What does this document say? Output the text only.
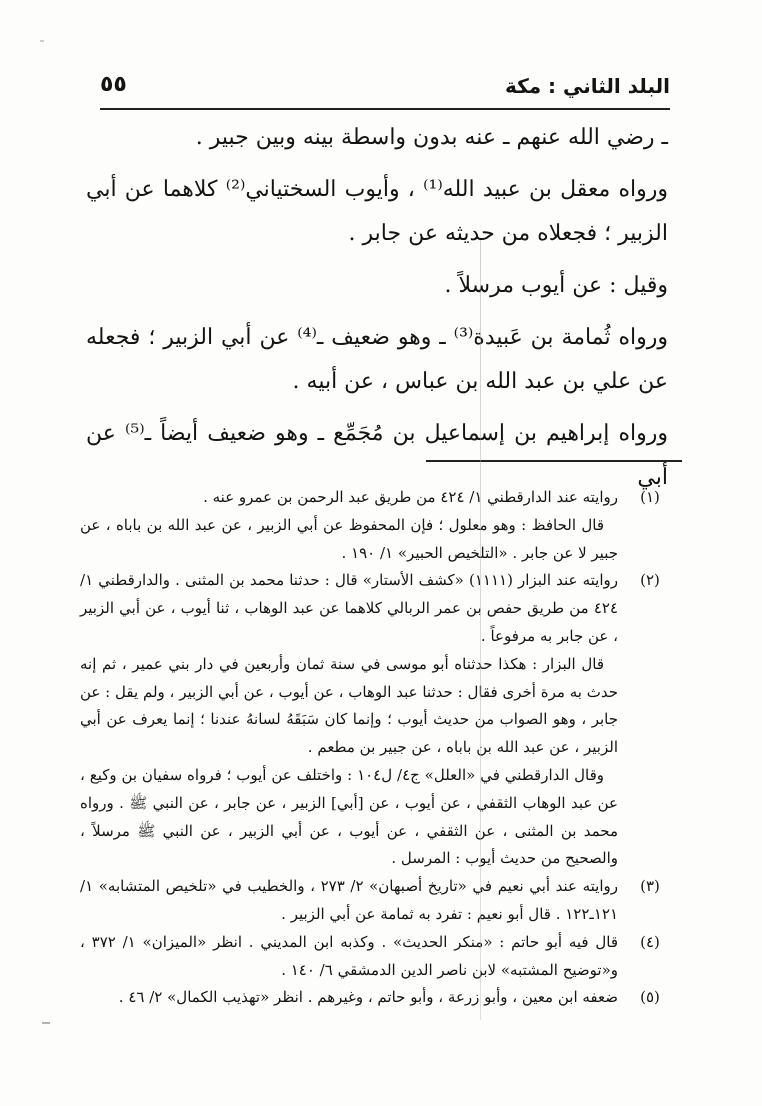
البلد الثاني : مكة
٥٥

ـ رضي الله عنهم ـ عنه بدون واسطة بينه وبين جبير .

ورواه معقل بن عبيد الله⁽¹⁾ ، وأيوب السختياني⁽²⁾ كلاهما عن أبي الزبير ؛ فجعلاه من حديثه عن جابر .

وقيل : عن أيوب مرسلاً .

ورواه ثُمامة بن عَبيدة⁽³⁾ ـ وهو ضعيف ـ⁽⁴⁾ عن أبي الزبير ؛ فجعله عن علي بن عبد الله بن عباس ، عن أبيه .

ورواه إبراهيم بن إسماعيل بن مُجَمِّع ـ وهو ضعيف أيضاً ـ⁽⁵⁾ عن أبي

(١)

روايته عند الدارقطني ١/ ٤٢٤ من طريق عبد الرحمن بن عمرو عنه .

قال الحافظ : وهو معلول ؛ فإن المحفوظ عن أبي الزبير ، عن عبد الله بن باباه ، عن جبير لا عن جابر . «التلخيص الحبير» ١/ ١٩٠ .

(٢)

روايته عند البزار (١١١١) «كشف الأستار» قال : حدثنا محمد بن المثنى . والدارقطني ١/ ٤٢٤ من طريق حفص بن عمر الربالي كلاهما عن عبد الوهاب ، ثنا أيوب ، عن أبي الزبير ، عن جابر به مرفوعاً .

قال البزار : هكذا حدثناه أبو موسى في سنة ثمان وأربعين في دار بني عمير ، ثم إنه حدث به مرة أخرى فقال : حدثنا عبد الوهاب ، عن أيوب ، عن أبي الزبير ، ولم يقل : عن جابر ، وهو الصواب من حديث أيوب ؛ وإنما كان سَبَقَهُ لسانهُ عندنا ؛ إنما يعرف عن أبي الزبير ، عن عبد الله بن باباه ، عن جبير بن مطعم .

وقال الدارقطني في «العلل» ج٤/ ل١٠٤ : واختلف عن أيوب ؛ فرواه سفيان بن وكيع ، عن عبد الوهاب الثقفي ، عن أيوب ، عن [أبي] الزبير ، عن جابر ، عن النبي ﷺ . ورواه محمد بن المثنى ، عن الثقفي ، عن أيوب ، عن أبي الزبير ، عن النبي ﷺ مرسلاً ، والصحيح من حديث أيوب : المرسل .

(٣)

روايته عند أبي نعيم في «تاريخ أصبهان» ٢/ ٢٧٣ ، والخطيب في «تلخيص المتشابه» ١/ ١٢١ـ١٢٢ . قال أبو نعيم : تفرد به ثمامة عن أبي الزبير .

(٤)

قال فيه أبو حاتم : «منكر الحديث» . وكذبه ابن المديني . انظر «الميزان» ١/ ٣٧٢ ، و«توضيح المشتبه» لابن ناصر الدين الدمشقي ٦/ ١٤٠ .

(٥)

ضعفه ابن معين ، وأبو زرعة ، وأبو حاتم ، وغيرهم . انظر «تهذيب الكمال» ٢/ ٤٦ .
